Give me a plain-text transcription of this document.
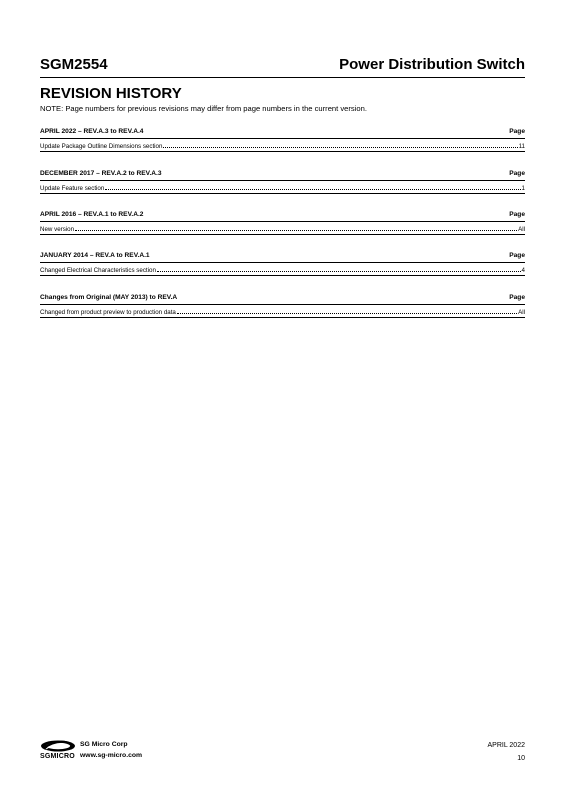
SGM2554	Power Distribution Switch
REVISION HISTORY
NOTE: Page numbers for previous revisions may differ from page numbers in the current version.
APRIL 2022 – REV.A.3 to REV.A.4	Page
Update Package Outline Dimensions section	11
DECEMBER 2017 – REV.A.2 to REV.A.3	Page
Update Feature section	1
APRIL 2016 – REV.A.1 to REV.A.2	Page
New version	All
JANUARY 2014 – REV.A to REV.A.1	Page
Changed Electrical Characteristics section	4
Changes from Original (MAY 2013) to REV.A	Page
Changed from product preview to production data	All
SGMICRO
SG Micro Corp
www.sg-micro.com
APRIL 2022
10
